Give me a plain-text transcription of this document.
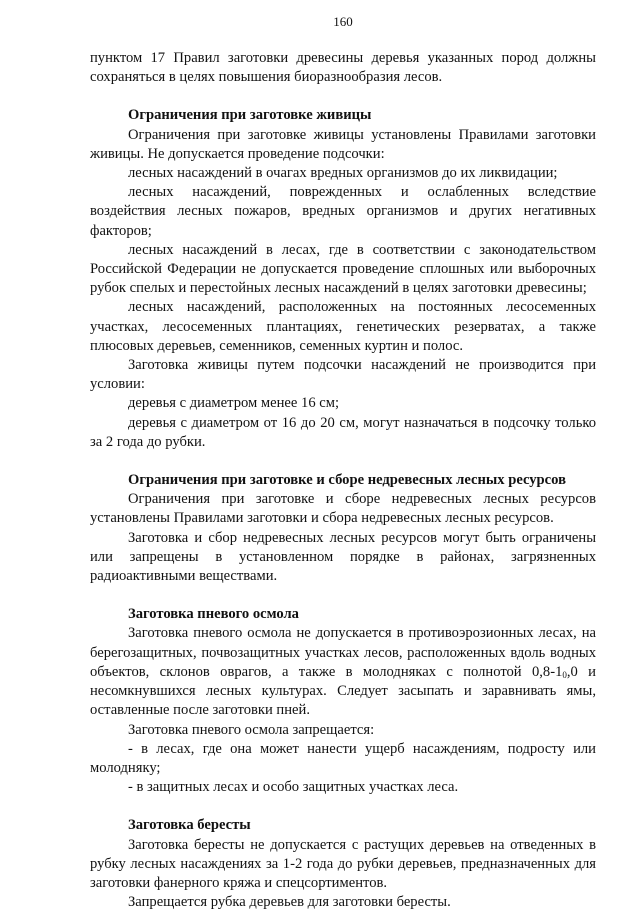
160

пунктом 17 Правил заготовки древесины деревья указанных пород должны сохраняться в целях повышения биоразнообразия лесов.

Ограничения при заготовке живицы

Ограничения при заготовке живицы установлены Правилами заготовки живицы. Не допускается проведение подсочки:

лесных насаждений в очагах вредных организмов до их ликвидации;

лесных насаждений, поврежденных и ослабленных вследствие воздействия лесных пожаров, вредных организмов и других негативных факторов;

лесных насаждений в лесах, где в соответствии с законодательством Российской Федерации не допускается проведение сплошных или выборочных рубок спелых и перестойных лесных насаждений в целях заготовки древесины;

лесных насаждений, расположенных на постоянных лесосеменных участках, лесосеменных плантациях, генетических резерватах, а также плюсовых деревьев, семенников, семенных куртин и полос.

Заготовка живицы путем подсочки насаждений не производится при условии:

деревья с диаметром менее 16 см;

деревья с диаметром от 16 до 20 см, могут назначаться в подсочку только за 2 года до рубки.

Ограничения при заготовке и сборе недревесных лесных ресурсов

Ограничения при заготовке и сборе недревесных лесных ресурсов установлены Правилами заготовки и сбора недревесных лесных ресурсов.

Заготовка и сбор недревесных лесных ресурсов могут быть ограничены или запрещены в установленном порядке в районах, загрязненных радиоактивными веществами.

Заготовка пневого осмола

Заготовка пневого осмола не допускается в противоэрозионных лесах, на берегозащитных, почвозащитных участках лесов, расположенных вдоль водных объектов, склонов оврагов, а также в молодняках с полнотой $0,8-1_0,0$ и несомкнувшихся лесных культурах. Следует засыпать и заравнивать ямы, оставленные после заготовки пней.

Заготовка пневого осмола запрещается:

- в лесах, где она может нанести ущерб насаждениям, подросту или молодняку;

- в защитных лесах и особо защитных участках леса.

Заготовка бересты

Заготовка бересты не допускается с растущих деревьев на отведенных в рубку лесных насаждениях за 1-2 года до рубки деревьев, предназначенных для заготовки фанерного кряжа и спецсортиментов.

Запрещается рубка деревьев для заготовки бересты.
